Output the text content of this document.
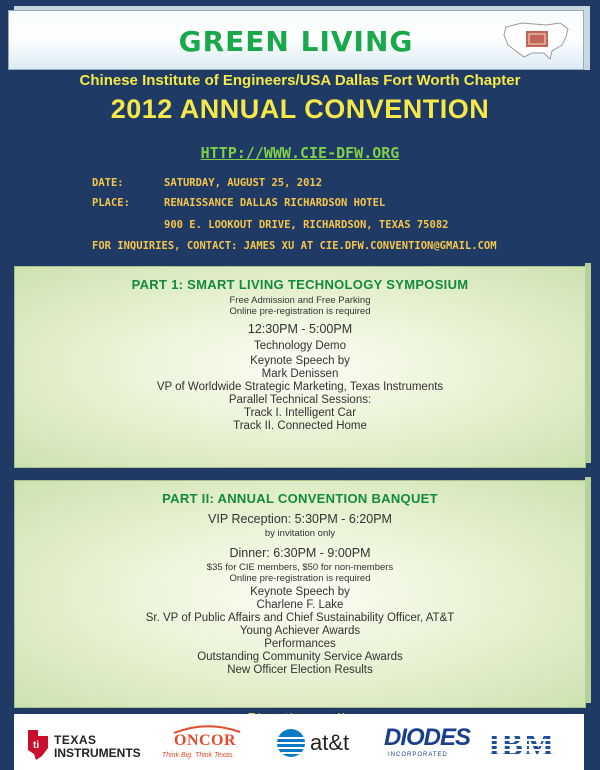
GREEN LIVING
Chinese Institute of Engineers/USA Dallas Fort Worth Chapter
2012 ANNUAL CONVENTION
HTTP://WWW.CIE-DFW.ORG
DATE:	SATURDAY, AUGUST 25, 2012
PLACE:	RENAISSANCE DALLAS RICHARDSON HOTEL
900 E. LOOKOUT DRIVE, RICHARDSON, TEXAS 75082
FOR INQUIRIES, CONTACT: JAMES XU AT CIE.DFW.CONVENTION@GMAIL.COM
PART 1: SMART LIVING TECHNOLOGY SYMPOSIUM
Free Admission and Free Parking
Online pre-registration is required
12:30PM - 5:00PM
Technology Demo
Keynote Speech by
Mark Denissen
VP of Worldwide Strategic Marketing, Texas Instruments
Parallel Technical Sessions:
Track I. Intelligent Car
Track II. Connected Home
PART II: ANNUAL CONVENTION BANQUET
VIP Reception: 5:30PM - 6:20PM
by invitation only
Dinner: 6:30PM - 9:00PM
$35 for CIE members, $50 for non-members
Online pre-registration is required
Keynote Speech by
Charlene F. Lake
Sr. VP of Public Affairs and Chief Sustainability Officer, AT&T
Young Achiever Awards
Performances
Outstanding Community Service Awards
New Officer Election Results
ti TEXAS
INSTRUMENTS
ONCOR
Think Big. Think Texas.
at&t DIODES
INCORPORATED IBM
